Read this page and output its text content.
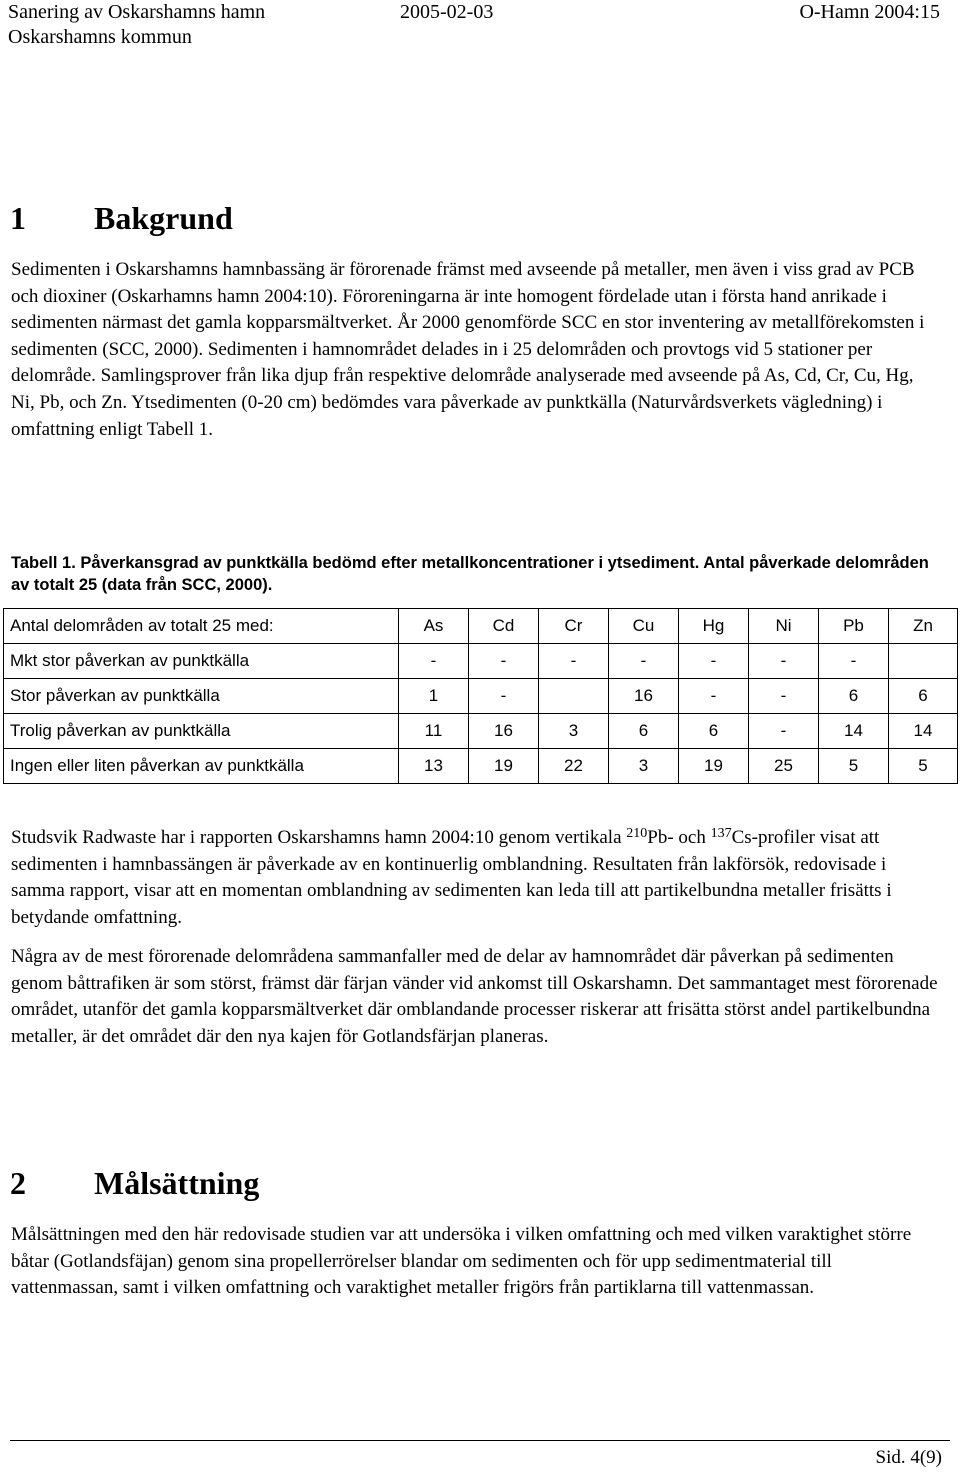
Sanering av Oskarshamns hamn
Oskarshamns kommun
2005-02-03	O-Hamn 2004:15
1 Bakgrund

Sedimenten i Oskarshamns hamnbassäng är förorenade främst med avseende på metaller, men även i viss grad av PCB och dioxiner (Oskarhamns hamn 2004:10). Föroreningarna är inte homogent fördelade utan i första hand anrikade i sedimenten närmast det gamla kopparsmältverket. År 2000 genomförde SCC en stor inventering av metallförekomsten i sedimenten (SCC, 2000). Sedimenten i hamnområdet delades in i 25 delområden och provtogs vid 5 stationer per delområde. Samlingsprover från lika djup från respektive delområde analyserade med avseende på As, Cd, Cr, Cu, Hg, Ni, Pb, och Zn. Ytsedimenten (0-20 cm) bedömdes vara påverkade av punktkälla (Naturvårdsverkets vägledning) i omfattning enligt Tabell 1.

Tabell 1. Påverkansgrad av punktkälla bedömd efter metallkoncentrationer i ytsediment. Antal påverkade delområden av totalt 25 (data från SCC, 2000).

Antal delområden av totalt 25 med:	As	Cd	Cr	Cu	Hg	Ni	Pb	Zn
Mkt stor påverkan av punktkälla	-	-	-	-	-	-	-	
Stor påverkan av punktkälla	1	-		16	-	-	6	6
Trolig påverkan av punktkälla	11	16	3	6	6	-	14	14
Ingen eller liten påverkan av punktkälla	13	19	22	3	19	25	5	5

Studsvik Radwaste har i rapporten Oskarshamns hamn 2004:10 genom vertikala $^{210}$Pb- och $^{137}$Cs-profiler visat att sedimenten i hamnbassängen är påverkade av en kontinuerlig omblandning. Resultaten från lakförsök, redovisade i samma rapport, visar att en momentan omblandning av sedimenten kan leda till att partikelbundna metaller frisätts i betydande omfattning.

Några av de mest förorenade delområdena sammanfaller med de delar av hamnområdet där påverkan på sedimenten genom båttrafiken är som störst, främst där färjan vänder vid ankomst till Oskarshamn. Det sammantaget mest förorenade området, utanför det gamla kopparsmältverket där omblandande processer riskerar att frisätta störst andel partikelbundna metaller, är det området där den nya kajen för Gotlandsfärjan planeras.

2 Målsättning

Målsättningen med den här redovisade studien var att undersöka i vilken omfattning och med vilken varaktighet större båtar (Gotlandsfäjan) genom sina propellerrörelser blandar om sedimenten och för upp sedimentmaterial till vattenmassan, samt i vilken omfattning och varaktighet metaller frigörs från partiklarna till vattenmassan.

Sid. 4(9)
